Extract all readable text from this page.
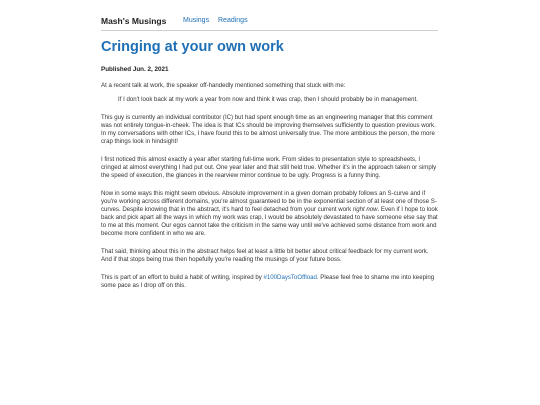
Mash's Musings Musings Readings
Cringing at your own work
Published Jun. 2, 2021

At a recent talk at work, the speaker off-handedly mentioned something that stuck with me:

If I don't look back at my work a year from now and think it was crap, then I should probably be in management.

This guy is currently an individual contributor (IC) but had spent enough time as an engineering manager that this comment was not entirely tongue-in-cheek. The idea is that ICs should be improving themselves sufficiently to question previous work. In my conversations with other ICs, I have found this to be almost universally true. The more ambitious the person, the more crap things look in hindsight!

I first noticed this almost exactly a year after starting full-time work. From slides to presentation style to spreadsheets, I cringed at almost everything I had put out. One year later and that still held true. Whether it's in the approach taken or simply the speed of execution, the glances in the rearview mirror continue to be ugly. Progress is a funny thing.

Now in some ways this might seem obvious. Absolute improvement in a given domain probably follows an S-curve and if you're working across different domains, you're almost guaranteed to be in the exponential section of at least one of those S-curves. Despite knowing that in the abstract, it's hard to feel detached from your current work right now. Even if I hope to look back and pick apart all the ways in which my work was crap, I would be absolutely devastated to have someone else say that to me at this moment. Our egos cannot take the criticism in the same way until we've achieved some distance from work and become more confident in who we are.

That said, thinking about this in the abstract helps feel at least a little bit better about critical feedback for my current work. And if that stops being true then hopefully you're reading the musings of your future boss.

This is part of an effort to build a habit of writing, inspired by #100DaysToOffload. Please feel free to shame me into keeping some pace as I drop off on this.
